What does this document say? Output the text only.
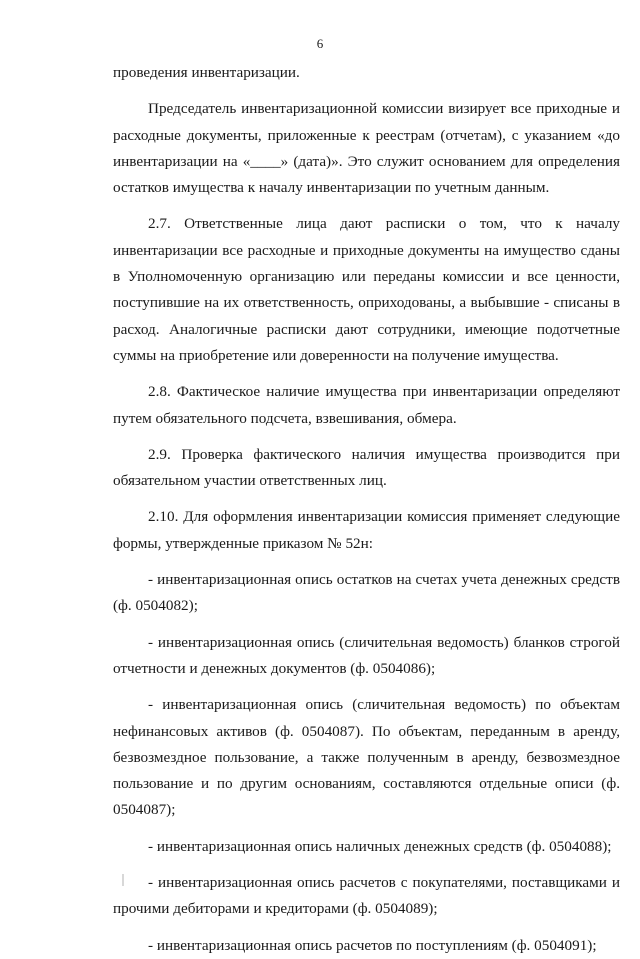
6

проведения инвентаризации.

Председатель инвентаризационной комиссии визирует все приходные и расходные документы, приложенные к реестрам (отчетам), с указанием «до инвентаризации на «____» (дата)». Это служит основанием для определения остатков имущества к началу инвентаризации по учетным данным.

2.7. Ответственные лица дают расписки о том, что к началу инвентаризации все расходные и приходные документы на имущество сданы в Уполномоченную организацию или переданы комиссии и все ценности, поступившие на их ответственность, оприходованы, а выбывшие - списаны в расход. Аналогичные расписки дают сотрудники, имеющие подотчетные суммы на приобретение или доверенности на получение имущества.

2.8. Фактическое наличие имущества при инвентаризации определяют путем обязательного подсчета, взвешивания, обмера.

2.9. Проверка фактического наличия имущества производится при обязательном участии ответственных лиц.

2.10. Для оформления инвентаризации комиссия применяет следующие формы, утвержденные приказом № 52н:

- инвентаризационная опись остатков на счетах учета денежных средств (ф. 0504082);

- инвентаризационная опись (сличительная ведомость) бланков строгой отчетности и денежных документов (ф. 0504086);

- инвентаризационная опись (сличительная ведомость) по объектам нефинансовых активов (ф. 0504087). По объектам, переданным в аренду, безвозмездное пользование, а также полученным в аренду, безвозмездное пользование и по другим основаниям, составляются отдельные описи (ф. 0504087);

- инвентаризационная опись наличных денежных средств (ф. 0504088);

- инвентаризационная опись расчетов с покупателями, поставщиками и прочими дебиторами и кредиторами (ф. 0504089);

- инвентаризационная опись расчетов по поступлениям (ф. 0504091);
